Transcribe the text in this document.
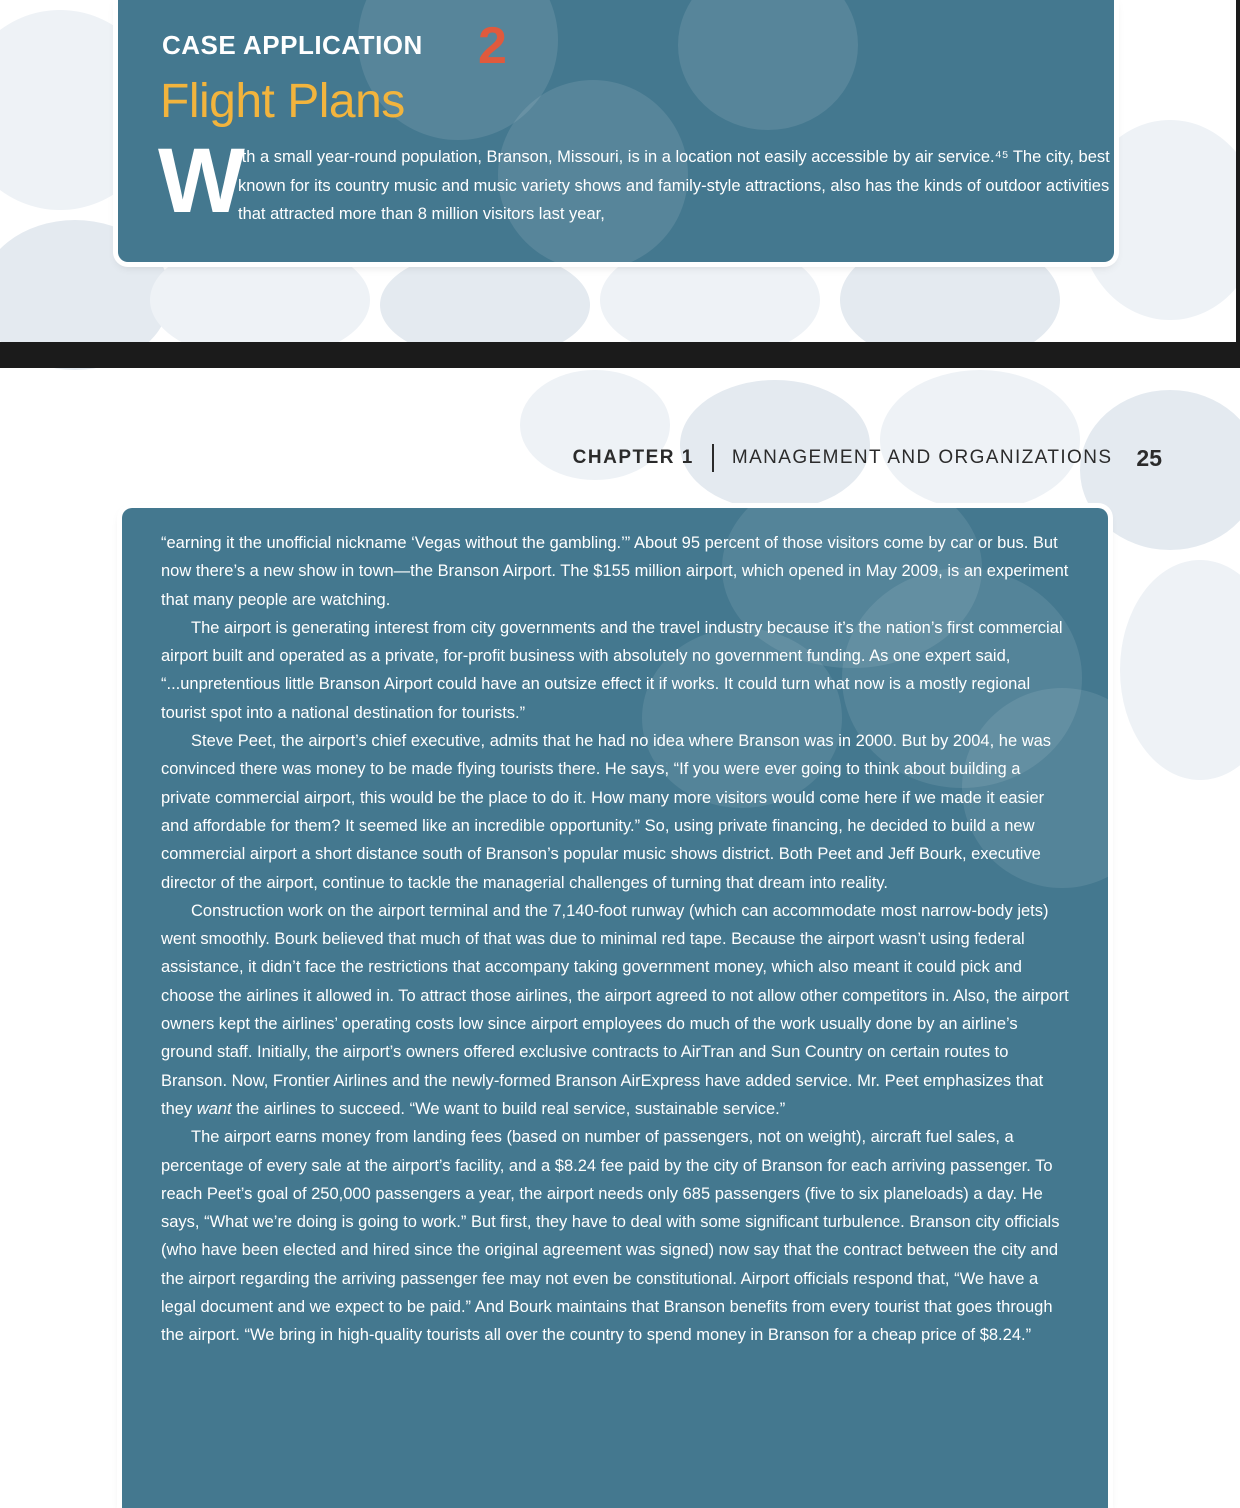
CASE APPLICATION 2
Flight Plans
W

ith a small year-round population, Branson, Missouri, is in a location not easily accessible by air service.⁴⁵ The city, best known for its country music and music variety shows and family-style attractions, also has the kinds of outdoor activities that attracted more than 8 million visitors last year,

CHAPTER 1 MANAGEMENT AND ORGANIZATIONS 25

“earning it the unofficial nickname ‘Vegas without the gambling.’” About 95 percent of those visitors come by car or bus. But now there’s a new show in town—the Branson Airport. The $155 million airport, which opened in May 2009, is an experiment that many people are watching.

The airport is generating interest from city governments and the travel industry because it’s the nation’s first commercial airport built and operated as a private, for-profit business with absolutely no government funding. As one expert said, “...unpretentious little Branson Airport could have an outsize effect it if works. It could turn what now is a mostly regional tourist spot into a national destination for tourists.”

Steve Peet, the airport’s chief executive, admits that he had no idea where Branson was in 2000. But by 2004, he was convinced there was money to be made flying tourists there. He says, “If you were ever going to think about building a private commercial airport, this would be the place to do it. How many more visitors would come here if we made it easier and affordable for them? It seemed like an incredible opportunity.” So, using private financing, he decided to build a new commercial airport a short distance south of Branson’s popular music shows district. Both Peet and Jeff Bourk, executive director of the airport, continue to tackle the managerial challenges of turning that dream into reality.

Construction work on the airport terminal and the 7,140-foot runway (which can accommodate most narrow-body jets) went smoothly. Bourk believed that much of that was due to minimal red tape. Because the airport wasn’t using federal assistance, it didn’t face the restrictions that accompany taking government money, which also meant it could pick and choose the airlines it allowed in. To attract those airlines, the airport agreed to not allow other competitors in. Also, the airport owners kept the airlines’ operating costs low since airport employees do much of the work usually done by an airline’s ground staff. Initially, the airport’s owners offered exclusive contracts to AirTran and Sun Country on certain routes to Branson. Now, Frontier Airlines and the newly-formed Branson AirExpress have added service. Mr. Peet emphasizes that they want the airlines to succeed. “We want to build real service, sustainable service.”

The airport earns money from landing fees (based on number of passengers, not on weight), aircraft fuel sales, a percentage of every sale at the airport’s facility, and a $8.24 fee paid by the city of Branson for each arriving passenger. To reach Peet’s goal of 250,000 passengers a year, the airport needs only 685 passengers (five to six planeloads) a day. He says, “What we’re doing is going to work.” But first, they have to deal with some significant turbulence. Branson city officials (who have been elected and hired since the original agreement was signed) now say that the contract between the city and the airport regarding the arriving passenger fee may not even be constitutional. Airport officials respond that, “We have a legal document and we expect to be paid.” And Bourk maintains that Branson benefits from every tourist that goes through the airport. “We bring in high-quality tourists all over the country to spend money in Branson for a cheap price of $8.24.”
